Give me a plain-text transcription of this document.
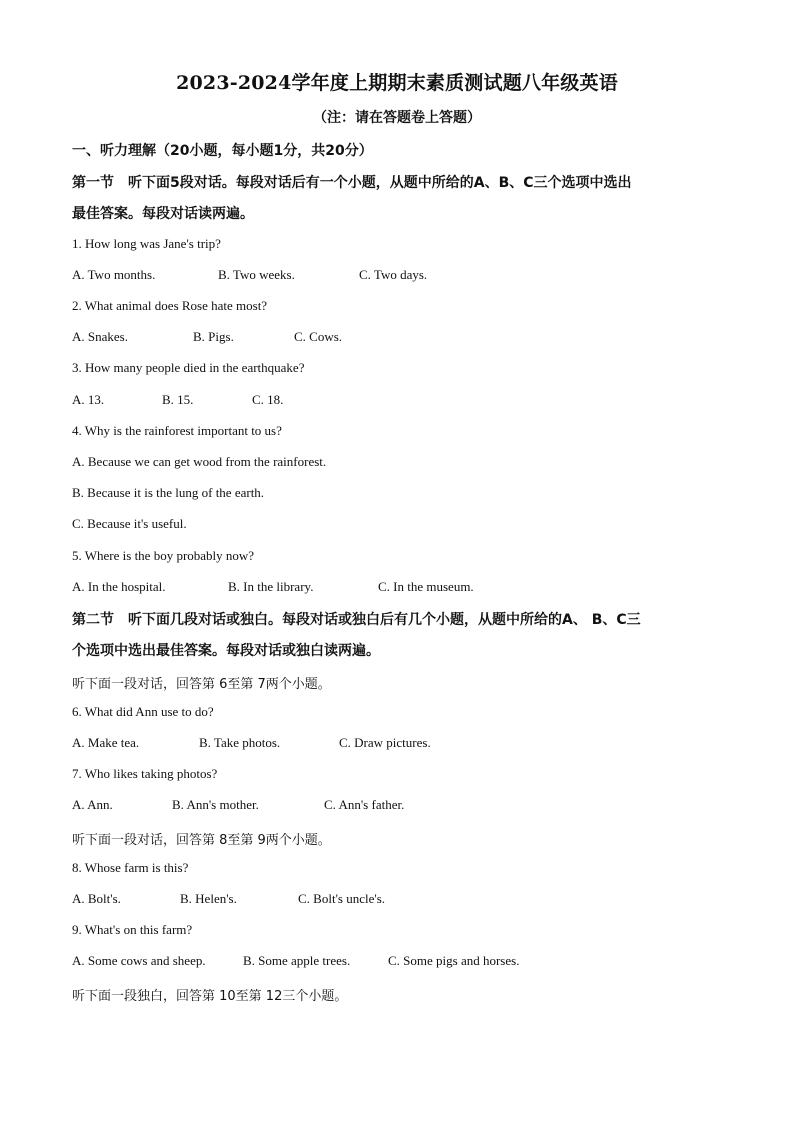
2023-2024学年度上期期末素质测试题八年级英语
（注：请在答题卷上答题）
一、听力理解（20小题，每小题1分，共20分）
第一节 听下面5段对话。每段对话后有一个小题，从题中所给的A、B、C三个选项中选出
最佳答案。每段对话读两遍。
1. How long was Jane's trip?
A. Two months.	B. Two weeks.	C. Two days.
2. What animal does Rose hate most?
A. Snakes.	B. Pigs.	C. Cows.
3. How many people died in the earthquake?
A. 13.	B. 15.	C. 18.
4. Why is the rainforest important to us?
A. Because we can get wood from the rainforest.
B. Because it is the lung of the earth.
C. Because it's useful.
5. Where is the boy probably now?
A. In the hospital.	B. In the library.	C. In the museum.
第二节 听下面几段对话或独白。每段对话或独白后有几个小题，从题中所给的A、 B、C三
个选项中选出最佳答案。每段对话或独白读两遍。
听下面一段对话，回答第 6至第 7两个小题。
6. What did Ann use to do?
A. Make tea.	B. Take photos.	C. Draw pictures.
7. Who likes taking photos?
A. Ann.	B. Ann's mother.	C. Ann's father.
听下面一段对话，回答第 8至第 9两个小题。
8. Whose farm is this?
A. Bolt's.	B. Helen's.	C. Bolt's uncle's.
9. What's on this farm?
A. Some cows and sheep.	B. Some apple trees.	C. Some pigs and horses.
听下面一段独白，回答第 10至第 12三个小题。
